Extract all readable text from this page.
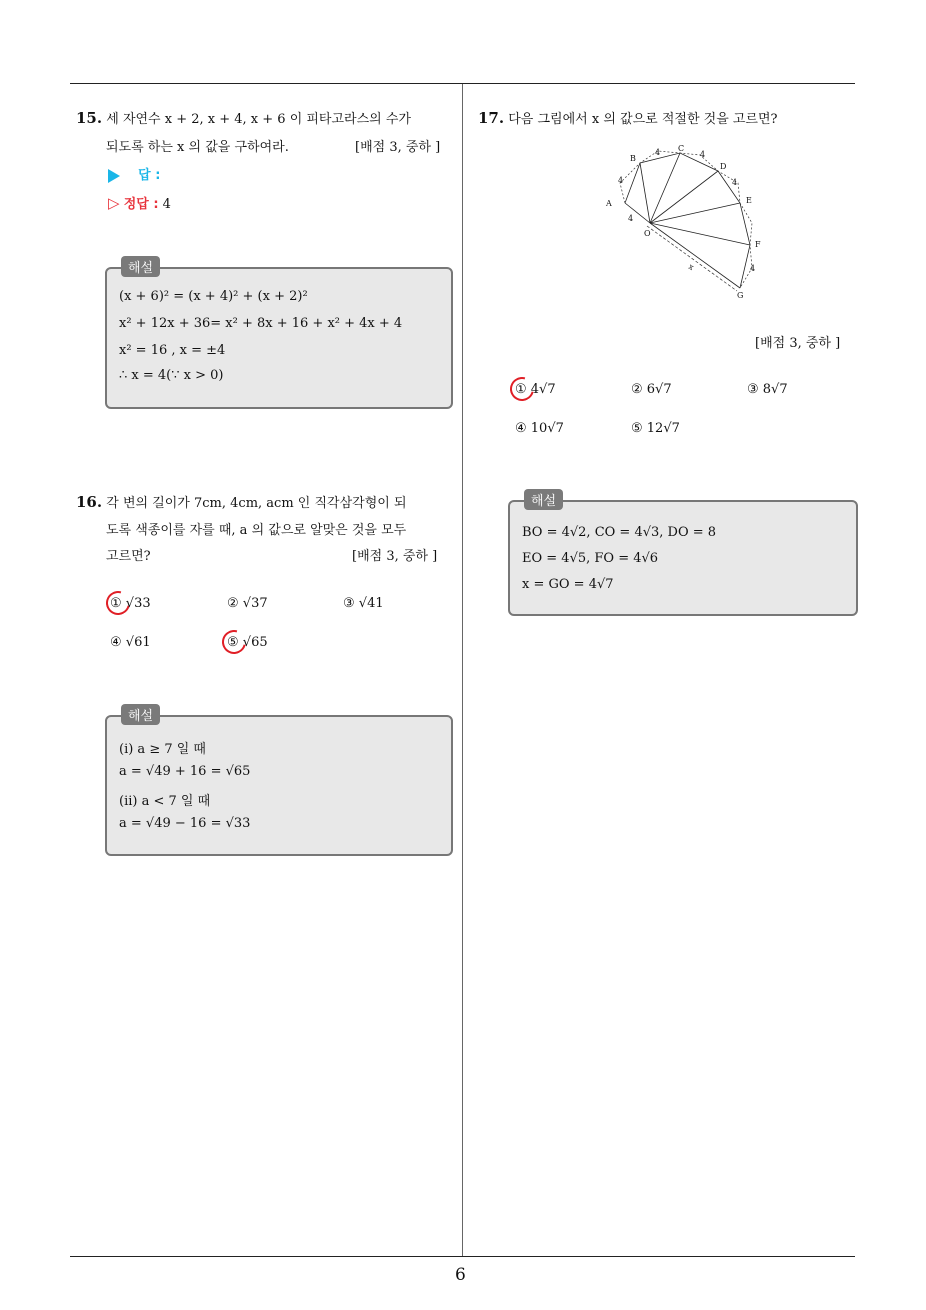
15. 세 자연수 x + 2, x + 4, x + 6 이 피타고라스의 수가
되도록 하는 x 의 값을 구하여라.	[배점 3, 중하 ]
답 :
▷ 정답 : 4
해설
(x + 6)² = (x + 4)² + (x + 2)²
x² + 12x + 36= x² + 8x + 16 + x² + 4x + 4
x² = 16 , x = ±4
∴ x = 4(∵ x > 0)
16. 각 변의 길이가 7cm, 4cm, acm 인 직각삼각형이 되
도록 색종이를 자를 때, a 의 값으로 알맞은 것을 모두
고르면?	[배점 3, 중하 ]
① √33	② √37	③ √41
④ √61	⑤ √65
해설
(i) a ≥ 7 일 때
a = √49 + 16 = √65
(ii) a < 7 일 때
a = √49 − 16 = √33
17. 다음 그림에서 x 의 값으로 적절한 것을 고르면?
A
B
C
D
E
F
G
O
4
4	4
4
4
4
x
[배점 3, 중하 ]
① 4√7	② 6√7	③ 8√7
④ 10√7	⑤ 12√7
해설
BO = 4√2, CO = 4√3, DO = 8
EO = 4√5, FO = 4√6
x = GO = 4√7
6
